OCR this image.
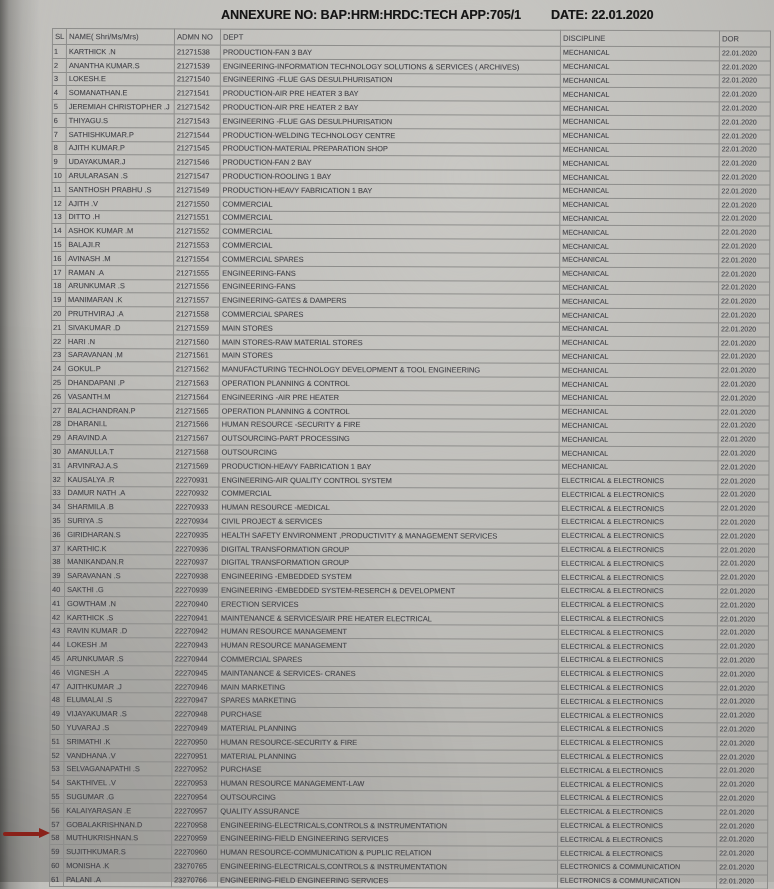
ANNEXURE NO: BAP:HRM:HRDC:TECH APP:705/1 DATE: 22.01.2020
SL	NAME( Shri/Ms/Mrs)	ADMN NO	DEPT	DISCIPLINE	DOR
1	KARTHICK .N	21271538	PRODUCTION-FAN 3 BAY	MECHANICAL	22.01.2020
2	ANANTHA KUMAR.S	21271539	ENGINEERING-INFORMATION TECHNOLOGY SOLUTIONS & SERVICES ( ARCHIVES)	MECHANICAL	22.01.2020
3	LOKESH.E	21271540	ENGINEERING -FLUE GAS DESULPHURISATION	MECHANICAL	22.01.2020
4	SOMANATHAN.E	21271541	PRODUCTION-AIR PRE HEATER 3 BAY	MECHANICAL	22.01.2020
5	JEREMIAH CHRISTOPHER .J	21271542	PRODUCTION-AIR PRE HEATER 2 BAY	MECHANICAL	22.01.2020
6	THIYAGU.S	21271543	ENGINEERING -FLUE GAS DESULPHURISATION	MECHANICAL	22.01.2020
7	SATHISHKUMAR.P	21271544	PRODUCTION-WELDING TECHNOLOGY CENTRE	MECHANICAL	22.01.2020
8	AJITH KUMAR.P	21271545	PRODUCTION-MATERIAL PREPARATION SHOP	MECHANICAL	22.01.2020
9	UDAYAKUMAR.J	21271546	PRODUCTION-FAN 2 BAY	MECHANICAL	22.01.2020
10	ARULARASAN .S	21271547	PRODUCTION-ROOLING 1 BAY	MECHANICAL	22.01.2020
11	SANTHOSH PRABHU .S	21271549	PRODUCTION-HEAVY FABRICATION 1 BAY	MECHANICAL	22.01.2020
12	AJITH .V	21271550	COMMERCIAL	MECHANICAL	22.01.2020
13	DITTO .H	21271551	COMMERCIAL	MECHANICAL	22.01.2020
14	ASHOK KUMAR .M	21271552	COMMERCIAL	MECHANICAL	22.01.2020
15	BALAJI.R	21271553	COMMERCIAL	MECHANICAL	22.01.2020
16	AVINASH .M	21271554	COMMERCIAL SPARES	MECHANICAL	22.01.2020
17	RAMAN .A	21271555	ENGINEERING-FANS	MECHANICAL	22.01.2020
18	ARUNKUMAR .S	21271556	ENGINEERING-FANS	MECHANICAL	22.01.2020
19	MANIMARAN .K	21271557	ENGINEERING-GATES & DAMPERS	MECHANICAL	22.01.2020
20	PRUTHVIRAJ .A	21271558	COMMERCIAL SPARES	MECHANICAL	22.01.2020
21	SIVAKUMAR .D	21271559	MAIN STORES	MECHANICAL	22.01.2020
22	HARI .N	21271560	MAIN STORES-RAW MATERIAL STORES	MECHANICAL	22.01.2020
23	SARAVANAN .M	21271561	MAIN STORES	MECHANICAL	22.01.2020
24	GOKUL.P	21271562	MANUFACTURING TECHNOLOGY DEVELOPMENT & TOOL ENGINEERING	MECHANICAL	22.01.2020
25	DHANDAPANI .P	21271563	OPERATION PLANNING & CONTROL	MECHANICAL	22.01.2020
26	VASANTH.M	21271564	ENGINEERING -AIR PRE HEATER	MECHANICAL	22.01.2020
27	BALACHANDRAN.P	21271565	OPERATION PLANNING & CONTROL	MECHANICAL	22.01.2020
28	DHARANI.L	21271566	HUMAN RESOURCE -SECURITY & FIRE	MECHANICAL	22.01.2020
29	ARAVIND.A	21271567	OUTSOURCING-PART PROCESSING	MECHANICAL	22.01.2020
30	AMANULLA.T	21271568	OUTSOURCING	MECHANICAL	22.01.2020
31	ARVINRAJ.A.S	21271569	PRODUCTION-HEAVY FABRICATION 1 BAY	MECHANICAL	22.01.2020
32	KAUSALYA .R	22270931	ENGINEERING-AIR QUALITY CONTROL SYSTEM	ELECTRICAL & ELECTRONICS	22.01.2020
33	DAMUR NATH .A	22270932	COMMERCIAL	ELECTRICAL & ELECTRONICS	22.01.2020
34	SHARMILA .B	22270933	HUMAN RESOURCE -MEDICAL	ELECTRICAL & ELECTRONICS	22.01.2020
35	SURIYA .S	22270934	CIVIL PROJECT & SERVICES	ELECTRICAL & ELECTRONICS	22.01.2020
36	GIRIDHARAN.S	22270935	HEALTH SAFETY ENVIRONMENT ,PRODUCTIVITY & MANAGEMENT SERVICES	ELECTRICAL & ELECTRONICS	22.01.2020
37	KARTHIC.K	22270936	DIGITAL TRANSFORMATION GROUP	ELECTRICAL & ELECTRONICS	22.01.2020
38	MANIKANDAN.R	22270937	DIGITAL TRANSFORMATION GROUP	ELECTRICAL & ELECTRONICS	22.01.2020
39	SARAVANAN .S	22270938	ENGINEERING -EMBEDDED SYSTEM	ELECTRICAL & ELECTRONICS	22.01.2020
40	SAKTHI .G	22270939	ENGINEERING -EMBEDDED SYSTEM-RESERCH & DEVELOPMENT	ELECTRICAL & ELECTRONICS	22.01.2020
41	GOWTHAM .N	22270940	ERECTION SERVICES	ELECTRICAL & ELECTRONICS	22.01.2020
42	KARTHICK .S	22270941	MAINTENANCE & SERVICES/AIR PRE HEATER ELECTRICAL	ELECTRICAL & ELECTRONICS	22.01.2020
43	RAVIN KUMAR .D	22270942	HUMAN RESOURCE MANAGEMENT	ELECTRICAL & ELECTRONICS	22.01.2020
44	LOKESH .M	22270943	HUMAN RESOURCE MANAGEMENT	ELECTRICAL & ELECTRONICS	22.01.2020
45	ARUNKUMAR .S	22270944	COMMERCIAL SPARES	ELECTRICAL & ELECTRONICS	22.01.2020
46	VIGNESH .A	22270945	MAINTANANCE & SERVICES- CRANES	ELECTRICAL & ELECTRONICS	22.01.2020
47	AJITHKUMAR .J	22270946	MAIN MARKETING	ELECTRICAL & ELECTRONICS	22.01.2020
48	ELUMALAI .S	22270947	SPARES MARKETING	ELECTRICAL & ELECTRONICS	22.01.2020
49	VIJAYAKUMAR .S	22270948	PURCHASE	ELECTRICAL & ELECTRONICS	22.01.2020
50	YUVARAJ .S	22270949	MATERIAL PLANNING	ELECTRICAL & ELECTRONICS	22.01.2020
51	SRIMATHI .K	22270950	HUMAN RESOURCE-SECURITY & FIRE	ELECTRICAL & ELECTRONICS	22.01.2020
52	VANDHANA .V	22270951	MATERIAL PLANNING	ELECTRICAL & ELECTRONICS	22.01.2020
53	SELVAGANAPATHI .S	22270952	PURCHASE	ELECTRICAL & ELECTRONICS	22.01.2020
54	SAKTHIVEL .V	22270953	HUMAN RESOURCE MANAGEMENT-LAW	ELECTRICAL & ELECTRONICS	22.01.2020
55	SUGUMAR .G	22270954	OUTSOURCING	ELECTRICAL & ELECTRONICS	22.01.2020
56	KALAIYARASAN .E	22270957	QUALITY ASSURANCE	ELECTRICAL & ELECTRONICS	22.01.2020
57	GOBALAKRISHNAN.D	22270958	ENGINEERING-ELECTRICALS,CONTROLS & INSTRUMENTATION	ELECTRICAL & ELECTRONICS	22.01.2020
58	MUTHUKRISHNAN.S	22270959	ENGINEERING-FIELD ENGINEERING SERVICES	ELECTRICAL & ELECTRONICS	22.01.2020
59	SUJITHKUMAR.S	22270960	HUMAN RESOURCE-COMMUNICATION & PUPLIC RELATION	ELECTRICAL & ELECTRONICS	22.01.2020
60	MONISHA .K	23270765	ENGINEERING-ELECTRICALS,CONTROLS & INSTRUMENTATION	ELECTRONICS & COMMUNICATION	22.01.2020
61	PALANI .A	23270766	ENGINEERING-FIELD ENGINEERING SERVICES	ELECTRONICS & COMMUNICATION	22.01.2020
